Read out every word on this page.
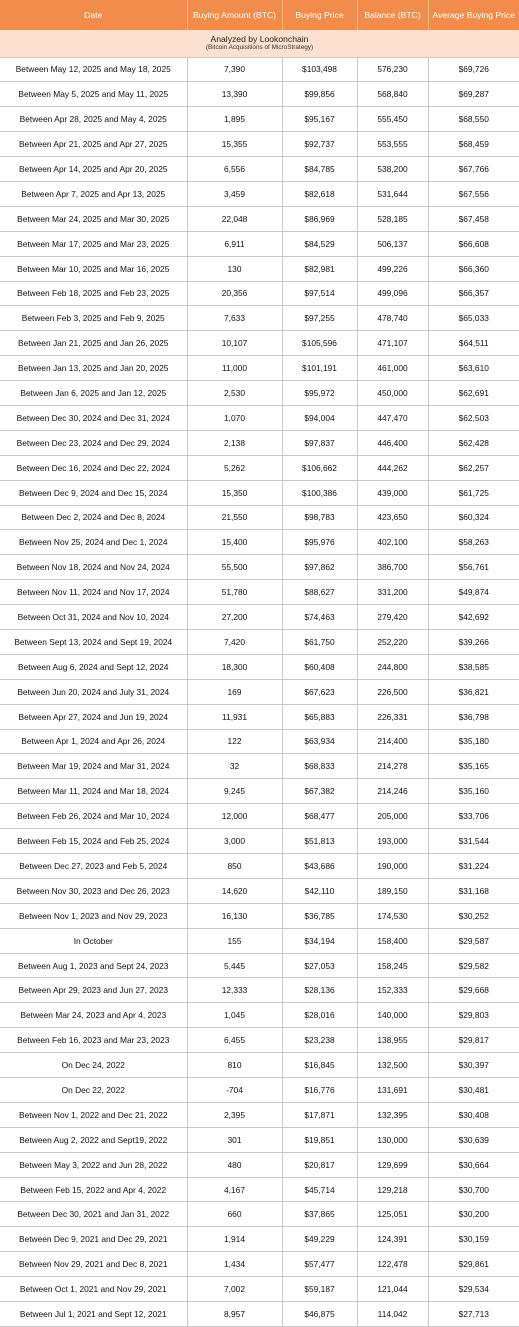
Date	Buying Amount (BTC)	Buying Price	Balance (BTC)	Average Buying Price

Analyzed by Lookonchain
(Bitcoin Acquisitions of MicroStrategy)				

Between May 12, 2025 and May 18, 2025	7,390	$103,498	576,230	$69,726
Between May 5, 2025 and May 11, 2025	13,390	$99,856	568,840	$69,287
Between Apr 28, 2025 and May 4, 2025	1,895	$95,167	555,450	$68,550
Between Apr 21, 2025 and Apr 27, 2025	15,355	$92,737	553,555	$68,459
Between Apr 14, 2025 and Apr 20, 2025	6,556	$84,785	538,200	$67,766
Between Apr 7, 2025 and Apr 13, 2025	3,459	$82,618	531,644	$67,556
Between Mar 24, 2025 and Mar 30, 2025	22,048	$86,969	528,185	$67,458
Between Mar 17, 2025 and Mar 23, 2025	6,911	$84,529	506,137	$66,608
Between Mar 10, 2025 and Mar 16, 2025	130	$82,981	499,226	$66,360
Between Feb 18, 2025 and Feb 23, 2025	20,356	$97,514	499,096	$66,357
Between Feb 3, 2025 and Feb 9, 2025	7,633	$97,255	478,740	$65,033
Between Jan 21, 2025 and Jan 26, 2025	10,107	$105,596	471,107	$64,511
Between Jan 13, 2025 and Jan 20, 2025	11,000	$101,191	461,000	$63,610
Between Jan 6, 2025 and Jan 12, 2025	2,530	$95,972	450,000	$62,691
Between Dec 30, 2024 and Dec 31, 2024	1,070	$94,004	447,470	$62,503
Between Dec 23, 2024 and Dec 29, 2024	2,138	$97,837	446,400	$62,428
Between Dec 16, 2024 and Dec 22, 2024	5,262	$106,662	444,262	$62,257
Between Dec 9, 2024 and Dec 15, 2024	15,350	$100,386	439,000	$61,725
Between Dec 2, 2024 and Dec 8, 2024	21,550	$98,783	423,650	$60,324
Between Nov 25, 2024 and Dec 1, 2024	15,400	$95,976	402,100	$58,263
Between Nov 18, 2024 and Nov 24, 2024	55,500	$97,862	386,700	$56,761
Between Nov 11, 2024 and Nov 17, 2024	51,780	$88,627	331,200	$49,874
Between Oct 31, 2024 and Nov 10, 2024	27,200	$74,463	279,420	$42,692
Between Sept 13, 2024 and Sept 19, 2024	7,420	$61,750	252,220	$39,266
Between Aug 6, 2024 and Sept 12, 2024	18,300	$60,408	244,800	$38,585
Between Jun 20, 2024 and July 31, 2024	169	$67,623	226,500	$36,821
Between Apr 27, 2024 and Jun 19, 2024	11,931	$65,883	226,331	$36,798
Between Apr 1, 2024 and Apr 26, 2024	122	$63,934	214,400	$35,180
Between Mar 19, 2024 and Mar 31, 2024	32	$68,833	214,278	$35,165
Between Mar 11, 2024 and Mar 18, 2024	9,245	$67,382	214,246	$35,160
Between Feb 26, 2024 and Mar 10, 2024	12,000	$68,477	205,000	$33,706
Between Feb 15, 2024 and Feb 25, 2024	3,000	$51,813	193,000	$31,544
Between Dec 27, 2023 and Feb 5, 2024	850	$43,686	190,000	$31,224
Between Nov 30, 2023 and Dec 26, 2023	14,620	$42,110	189,150	$31,168
Between Nov 1, 2023 and Nov 29, 2023	16,130	$36,785	174,530	$30,252
In October	155	$34,194	158,400	$29,587
Between Aug 1, 2023 and Sept 24, 2023	5,445	$27,053	158,245	$29,582
Between Apr 29, 2023 and Jun 27, 2023	12,333	$28,136	152,333	$29,668
Between Mar 24, 2023 and Apr 4, 2023	1,045	$28,016	140,000	$29,803
Between Feb 16, 2023 and Mar 23, 2023	6,455	$23,238	138,955	$29,817
On Dec 24, 2022	810	$16,845	132,500	$30,397
On Dec 22, 2022	-704	$16,776	131,691	$30,481
Between Nov 1, 2022 and Dec 21, 2022	2,395	$17,871	132,395	$30,408
Between Aug 2, 2022 and Sept19, 2022	301	$19,851	130,000	$30,639
Between May 3, 2022 and Jun 28, 2022	480	$20,817	129,699	$30,664
Between Feb 15, 2022 and Apr 4, 2022	4,167	$45,714	129,218	$30,700
Between Dec 30, 2021 and Jan 31, 2022	660	$37,865	125,051	$30,200
Between Dec 9, 2021 and Dec 29, 2021	1,914	$49,229	124,391	$30,159
Between Nov 29, 2021 and Dec 8, 2021	1,434	$57,477	122,478	$29,861
Between Oct 1, 2021 and Nov 29, 2021	7,002	$59,187	121,044	$29,534
Between Jul 1, 2021 and Sept 12, 2021	8,957	$46,875	114,042	$27,713
